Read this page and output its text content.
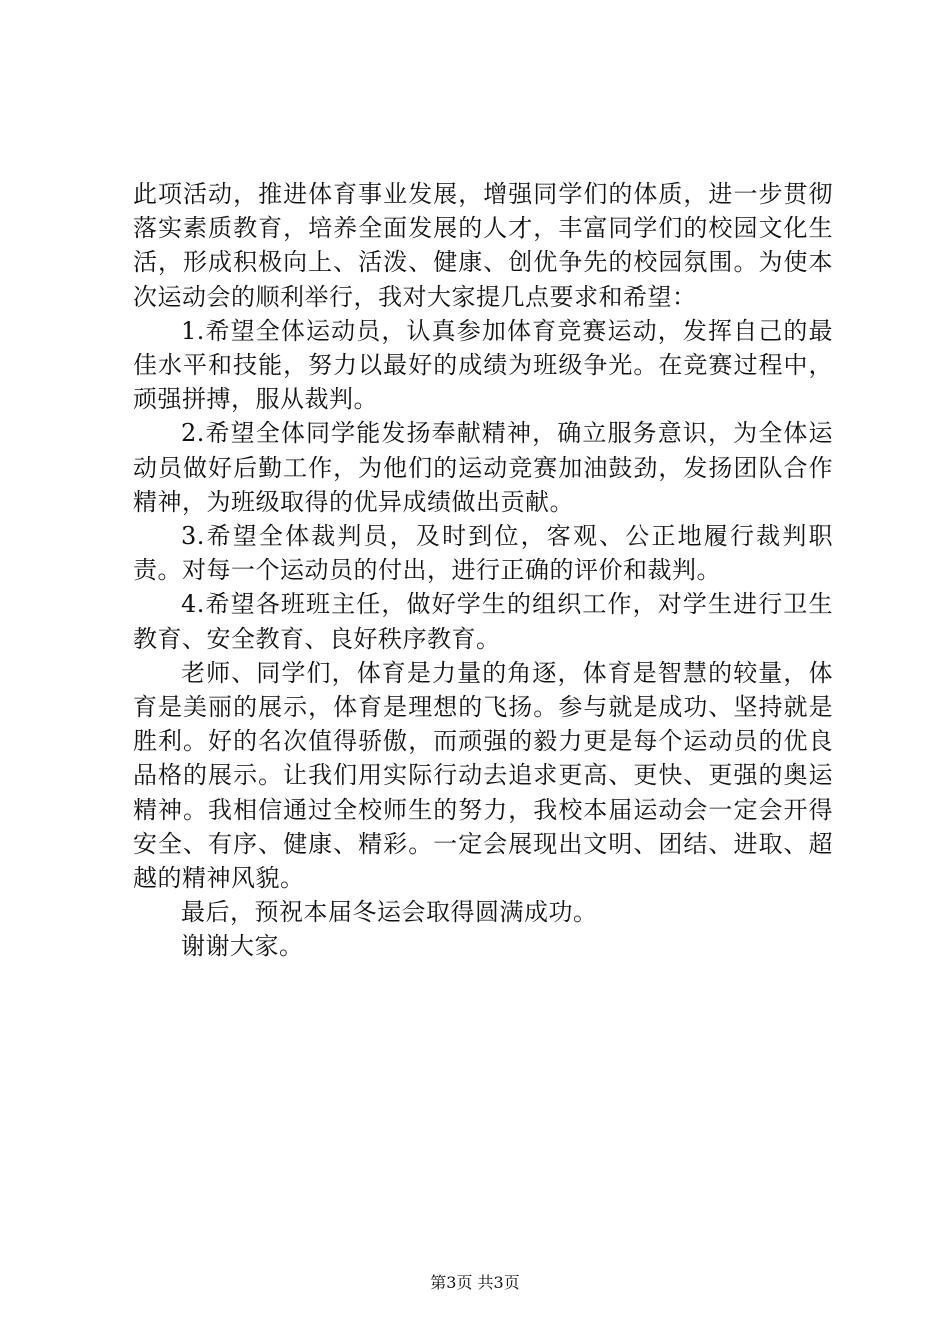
此项活动，推进体育事业发展，增强同学们的体质，进一步贯彻落实素质教育，培养全面发展的人才，丰富同学们的校园文化生活，形成积极向上、活泼、健康、创优争先的校园氛围。为使本次运动会的顺利举行，我对大家提几点要求和希望：

1.希望全体运动员，认真参加体育竞赛运动，发挥自己的最佳水平和技能，努力以最好的成绩为班级争光。在竞赛过程中，顽强拼搏，服从裁判。

2.希望全体同学能发扬奉献精神，确立服务意识，为全体运动员做好后勤工作，为他们的运动竞赛加油鼓劲，发扬团队合作精神，为班级取得的优异成绩做出贡献。

3.希望全体裁判员，及时到位，客观、公正地履行裁判职责。对每一个运动员的付出，进行正确的评价和裁判。

4.希望各班班主任，做好学生的组织工作，对学生进行卫生教育、安全教育、良好秩序教育。

老师、同学们，体育是力量的角逐，体育是智慧的较量，体育是美丽的展示，体育是理想的飞扬。参与就是成功、坚持就是胜利。好的名次值得骄傲，而顽强的毅力更是每个运动员的优良品格的展示。让我们用实际行动去追求更高、更快、更强的奥运精神。我相信通过全校师生的努力，我校本届运动会一定会开得安全、有序、健康、精彩。一定会展现出文明、团结、进取、超越的精神风貌。

最后，预祝本届冬运会取得圆满成功。

谢谢大家。

第3页 共3页
